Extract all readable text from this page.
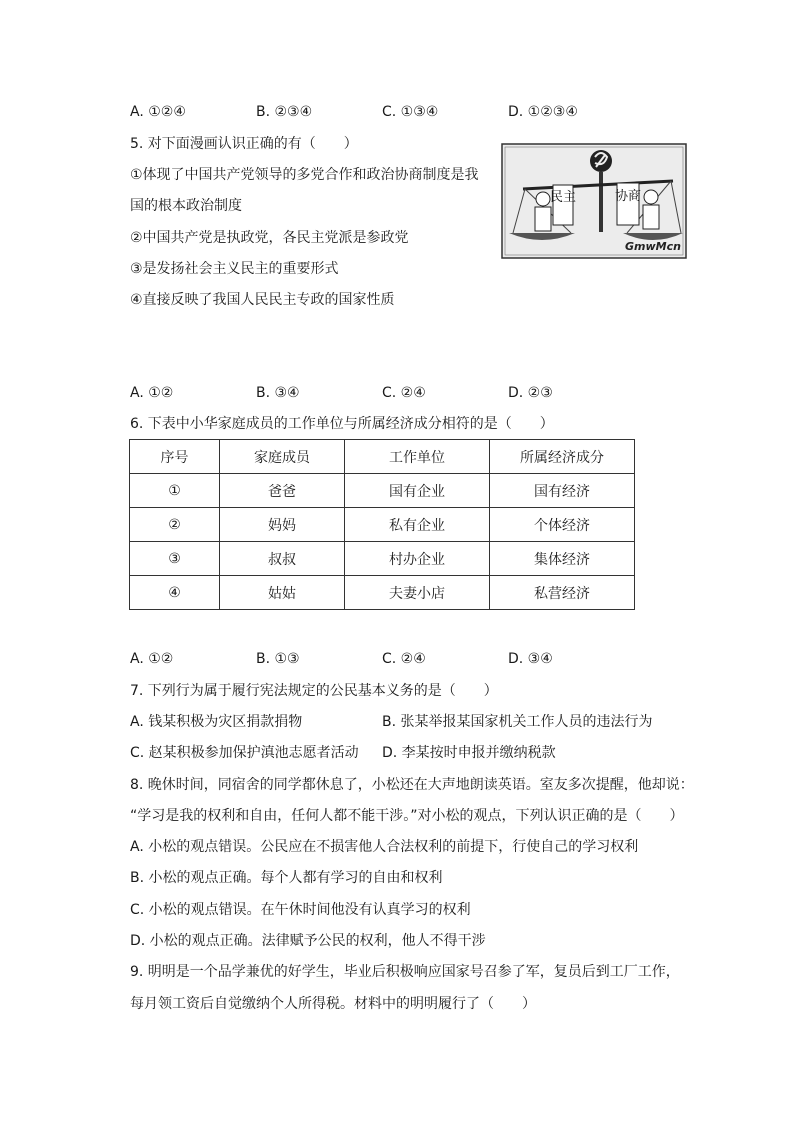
A. ①②④	B. ②③④	C. ①③④	D. ①②③④
5. 对下面漫画认识正确的有（　　）
①体现了中国共产党领导的多党合作和政治协商制度是我
国的根本政治制度
②中国共产党是执政党，各民主党派是参政党
③是发扬社会主义民主的重要形式
④直接反映了我国人民民主专政的国家性质
民主	协商
GmwMcn
A. ①②	B. ③④	C. ②④	D. ②③
6. 下表中小华家庭成员的工作单位与所属经济成分相符的是（　　）
序号	家庭成员	工作单位	所属经济成分
①	爸爸	国有企业	国有经济
②	妈妈	私有企业	个体经济
③	叔叔	村办企业	集体经济
④	姑姑	夫妻小店	私营经济
A. ①②	B. ①③	C. ②④	D. ③④
7. 下列行为属于履行宪法规定的公民基本义务的是（　　）
A. 钱某积极为灾区捐款捐物	B. 张某举报某国家机关工作人员的违法行为
C. 赵某积极参加保护滇池志愿者活动 D. 李某按时申报并缴纳税款
8. 晚休时间，同宿舍的同学都休息了，小松还在大声地朗读英语。室友多次提醒，他却说：
“学习是我的权利和自由，任何人都不能干涉。”对小松的观点，下列认识正确的是（　　）
A. 小松的观点错误。公民应在不损害他人合法权利的前提下，行使自己的学习权利
B. 小松的观点正确。每个人都有学习的自由和权利
C. 小松的观点错误。在午休时间他没有认真学习的权利
D. 小松的观点正确。法律赋予公民的权利，他人不得干涉
9. 明明是一个品学兼优的好学生，毕业后积极响应国家号召参了军，复员后到工厂工作，
每月领工资后自觉缴纳个人所得税。材料中的明明履行了（　　）
